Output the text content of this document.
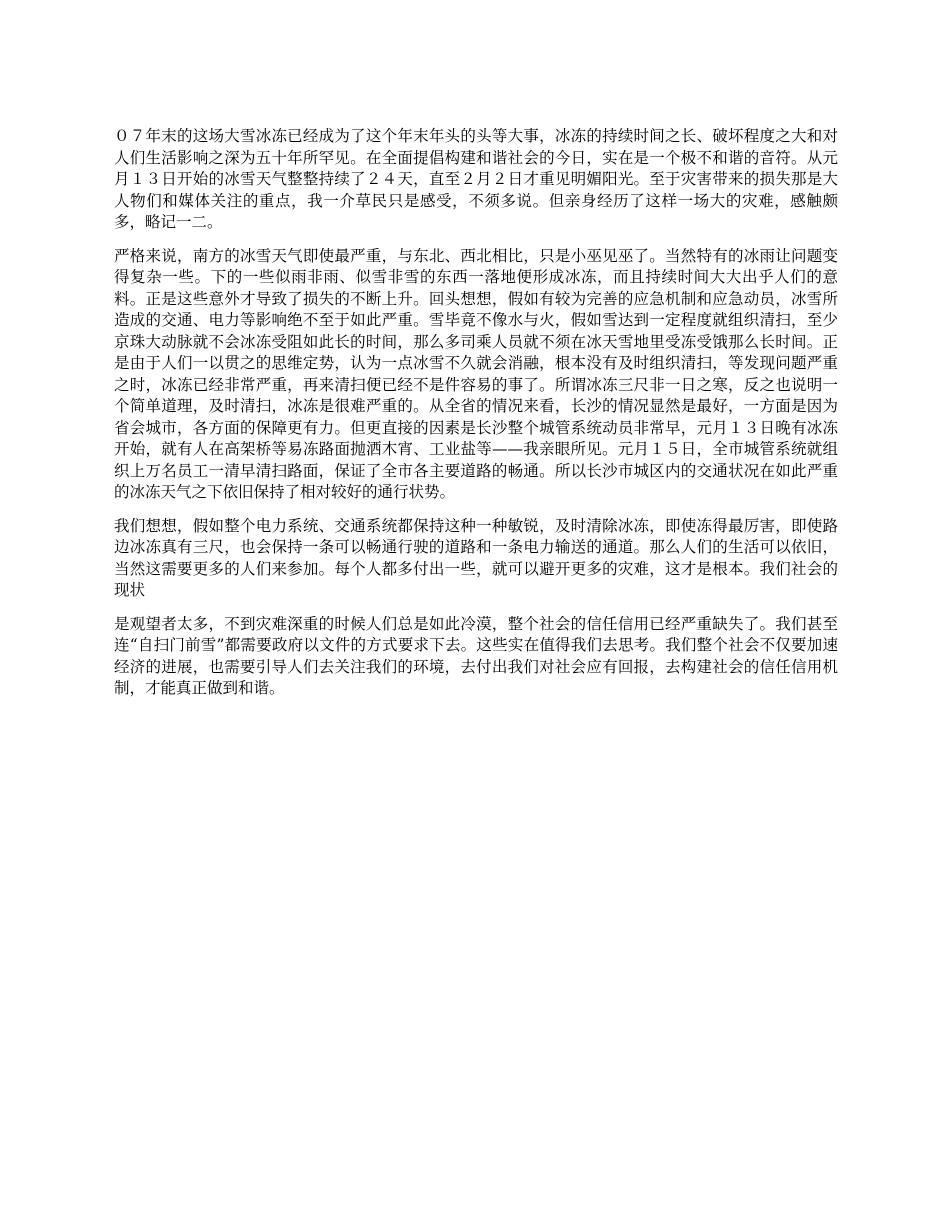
０７年末的这场大雪冰冻已经成为了这个年末年头的头等大事，冰冻的持续时间之长、破坏程度之大和对人们生活影响之深为五十年所罕见。在全面提倡构建和谐社会的今日，实在是一个极不和谐的音符。从元月１３日开始的冰雪天气整整持续了２４天，直至２月２日才重见明媚阳光。至于灾害带来的损失那是大人物们和媒体关注的重点，我一介草民只是感受，不须多说。但亲身经历了这样一场大的灾难，感触颇多，略记一二。

严格来说，南方的冰雪天气即使最严重，与东北、西北相比，只是小巫见巫了。当然特有的冰雨让问题变得复杂一些。下的一些似雨非雨、似雪非雪的东西一落地便形成冰冻，而且持续时间大大出乎人们的意料。正是这些意外才导致了损失的不断上升。回头想想，假如有较为完善的应急机制和应急动员，冰雪所造成的交通、电力等影响绝不至于如此严重。雪毕竟不像水与火，假如雪达到一定程度就组织清扫，至少京珠大动脉就不会冰冻受阻如此长的时间，那么多司乘人员就不须在冰天雪地里受冻受饿那么长时间。正是由于人们一以贯之的思维定势，认为一点冰雪不久就会消融，根本没有及时组织清扫，等发现问题严重之时，冰冻已经非常严重，再来清扫便已经不是件容易的事了。所谓冰冻三尺非一日之寒，反之也说明一个简单道理，及时清扫，冰冻是很难严重的。从全省的情况来看，长沙的情况显然是最好，一方面是因为省会城市，各方面的保障更有力。但更直接的因素是长沙整个城管系统动员非常早，元月１３日晚有冰冻开始，就有人在高架桥等易冻路面抛洒木宵、工业盐等——我亲眼所见。元月１５日，全市城管系统就组织上万名员工一清早清扫路面，保证了全市各主要道路的畅通。所以长沙市城区内的交通状况在如此严重的冰冻天气之下依旧保持了相对较好的通行状势。

我们想想，假如整个电力系统、交通系统都保持这种一种敏锐，及时清除冰冻，即使冻得最厉害，即使路边冰冻真有三尺，也会保持一条可以畅通行驶的道路和一条电力输送的通道。那么人们的生活可以依旧，当然这需要更多的人们来参加。每个人都多付出一些，就可以避开更多的灾难，这才是根本。我们社会的现状

是观望者太多，不到灾难深重的时候人们总是如此冷漠，整个社会的信任信用已经严重缺失了。我们甚至连“自扫门前雪”都需要政府以文件的方式要求下去。这些实在值得我们去思考。我们整个社会不仅要加速经济的进展，也需要引导人们去关注我们的环境，去付出我们对社会应有回报，去构建社会的信任信用机制，才能真正做到和谐。
